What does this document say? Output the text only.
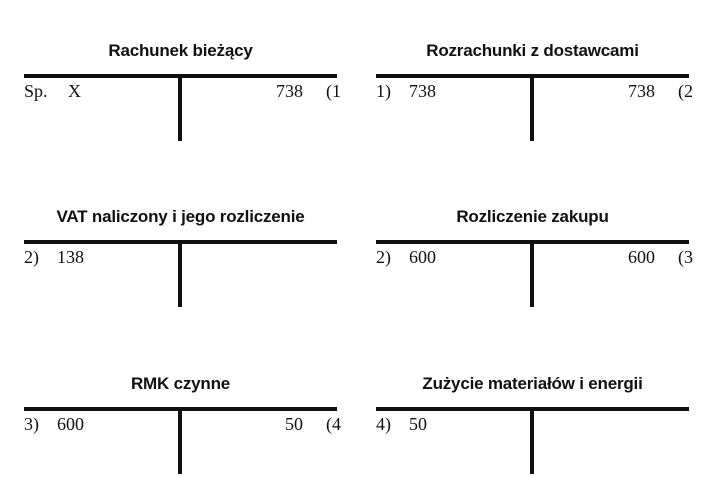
Rachunek bieżący
Sp. X	738 (1
Rozrachunki z dostawcami
1) 738	738 (2
VAT naliczony i jego rozliczenie
2) 138
Rozliczenie zakupu
2) 600	600 (3
RMK czynne
3) 600	50 (4
Zużycie materiałów i energii
4) 50
